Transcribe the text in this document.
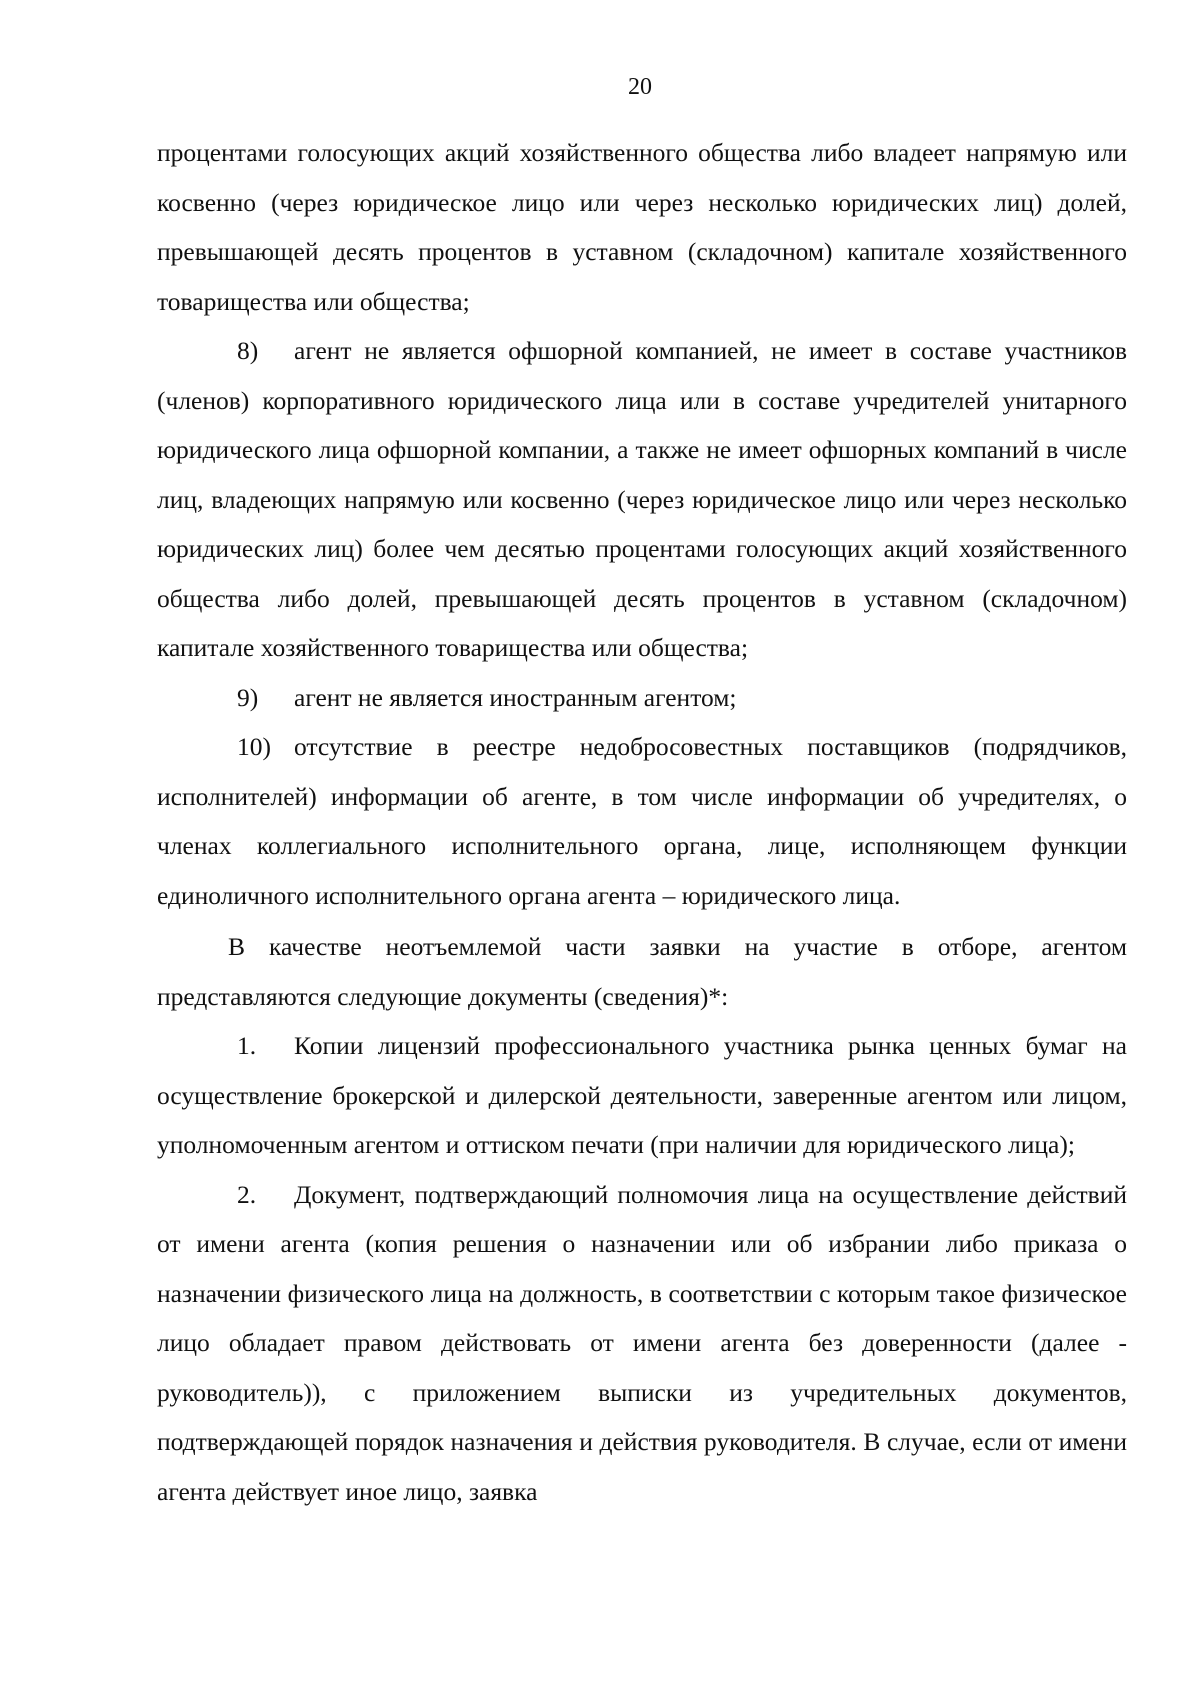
20

процентами голосующих акций хозяйственного общества либо владеет напрямую или косвенно (через юридическое лицо или через несколько юридических лиц) долей, превышающей десять процентов в уставном (складочном) капитале хозяйственного товарищества или общества;

8) агент не является офшорной компанией, не имеет в составе участников (членов) корпоративного юридического лица или в составе учредителей унитарного юридического лица офшорной компании, а также не имеет офшорных компаний в числе лиц, владеющих напрямую или косвенно (через юридическое лицо или через несколько юридических лиц) более чем десятью процентами голосующих акций хозяйственного общества либо долей, превышающей десять процентов в уставном (складочном) капитале хозяйственного товарищества или общества;

9) агент не является иностранным агентом;

10) отсутствие в реестре недобросовестных поставщиков (подрядчиков, исполнителей) информации об агенте, в том числе информации об учредителях, о членах коллегиального исполнительного органа, лице, исполняющем функции единоличного исполнительного органа агента – юридического лица.

В качестве неотъемлемой части заявки на участие в отборе, агентом представляются следующие документы (сведения)*:

1. Копии лицензий профессионального участника рынка ценных бумаг на осуществление брокерской и дилерской деятельности, заверенные агентом или лицом, уполномоченным агентом и оттиском печати (при наличии для юридического лица);

2. Документ, подтверждающий полномочия лица на осуществление действий от имени агента (копия решения о назначении или об избрании либо приказа о назначении физического лица на должность, в соответствии с которым такое физическое лицо обладает правом действовать от имени агента без доверенности (далее - руководитель)), с приложением выписки из учредительных документов, подтверждающей порядок назначения и действия руководителя. В случае, если от имени агента действует иное лицо, заявка
